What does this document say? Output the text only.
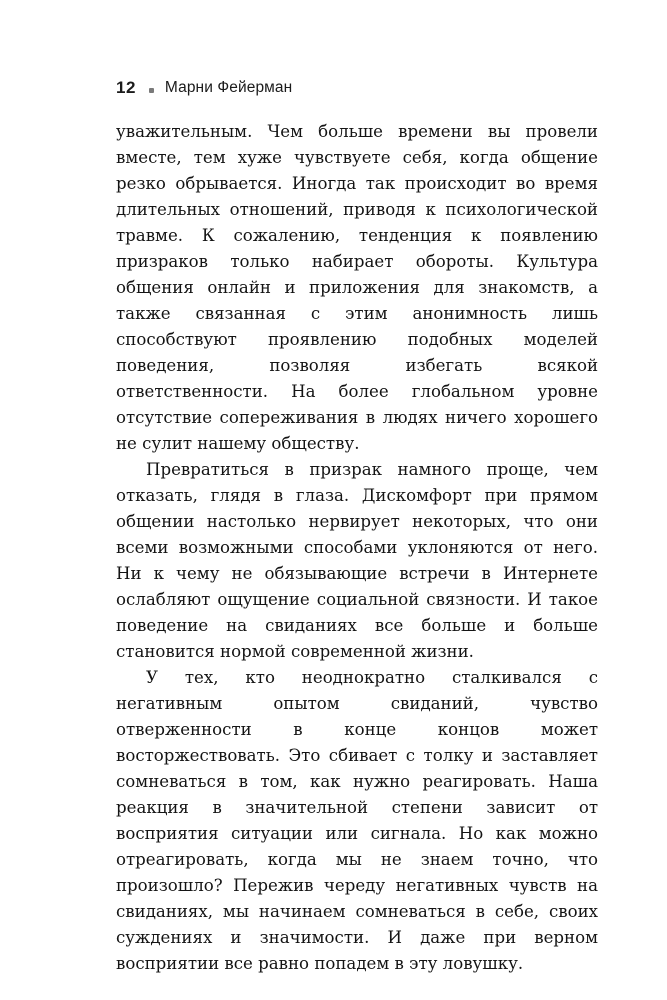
12 Марни Фейерман

уважительным. Чем больше времени вы провели вместе, тем хуже чувствуете себя, когда общение резко обрывается. Иногда так происходит во время длительных отношений, приводя к психологической травме. К сожалению, тенденция к появлению призраков только набирает обороты. Культура общения онлайн и приложения для знакомств, а также связанная с этим анонимность лишь способствуют проявлению подобных моделей поведения, позволяя избегать всякой ответственности. На более глобальном уровне отсутствие сопереживания в людях ничего хорошего не сулит нашему обществу.

Превратиться в призрак намного проще, чем отказать, глядя в глаза. Дискомфорт при прямом общении настолько нервирует некоторых, что они всеми возможными способами уклоняются от него. Ни к чему не обязывающие встречи в Интернете ослабляют ощущение социальной связности. И такое поведение на свиданиях все больше и больше становится нормой современной жизни.

У тех, кто неоднократно сталкивался с негативным опытом свиданий, чувство отверженности в конце концов может восторжествовать. Это сбивает с толку и заставляет сомневаться в том, как нужно реагировать. Наша реакция в значительной степени зависит от восприятия ситуации или сигнала. Но как можно отреагировать, когда мы не знаем точно, что произошло? Пережив череду негативных чувств на свиданиях, мы начинаем сомневаться в себе, своих суждениях и значимости. И даже при верном восприятии все равно попадем в эту ловушку.
